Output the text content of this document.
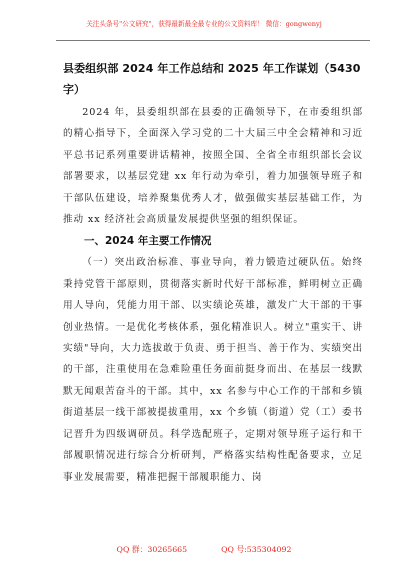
关注头条号"公文研究"，获得最新最全最专业的公文资料库！ 微信：gongwenyj

县委组织部 2024 年工作总结和 2025 年工作谋划（5430

字）

2024 年，县委组织部在县委的正确领导下，在市委组织部的精心指导下，全面深入学习党的二十大届三中全会精神和习近平总书记系列重要讲话精神，按照全国、全省全市组织部长会议部署要求，以基层党建 xx 年行动为牵引，着力加强领导班子和干部队伍建设，培养聚集优秀人才，做强做实基层基础工作，为推动 xx 经济社会高质量发展提供坚强的组织保证。

一、2024 年主要工作情况

（一）突出政治标准、事业导向，着力锻造过硬队伍。始终秉持党管干部原则，贯彻落实新时代好干部标准，鲜明树立正确用人导向，凭能力用干部、以实绩论英雄，激发广大干部的干事创业热情。一是优化考核体系，强化精准识人。树立"重实干、讲实绩"导向，大力选拔敢于负责、勇于担当、善于作为、实绩突出的干部，注重使用在急难险重任务面前挺身而出、在基层一线默默无闻艰苦奋斗的干部。其中，xx 名参与中心工作的干部和乡镇街道基层一线干部被提拔重用，xx 个乡镇（街道）党（工）委书记晋升为四级调研员。科学选配班子，定期对领导班子运行和干部履职情况进行综合分析研判，严格落实结构性配备要求，立足事业发展需要，精准把握干部履职能力、岗

QQ 群：30265665	QQ 号:535304092
